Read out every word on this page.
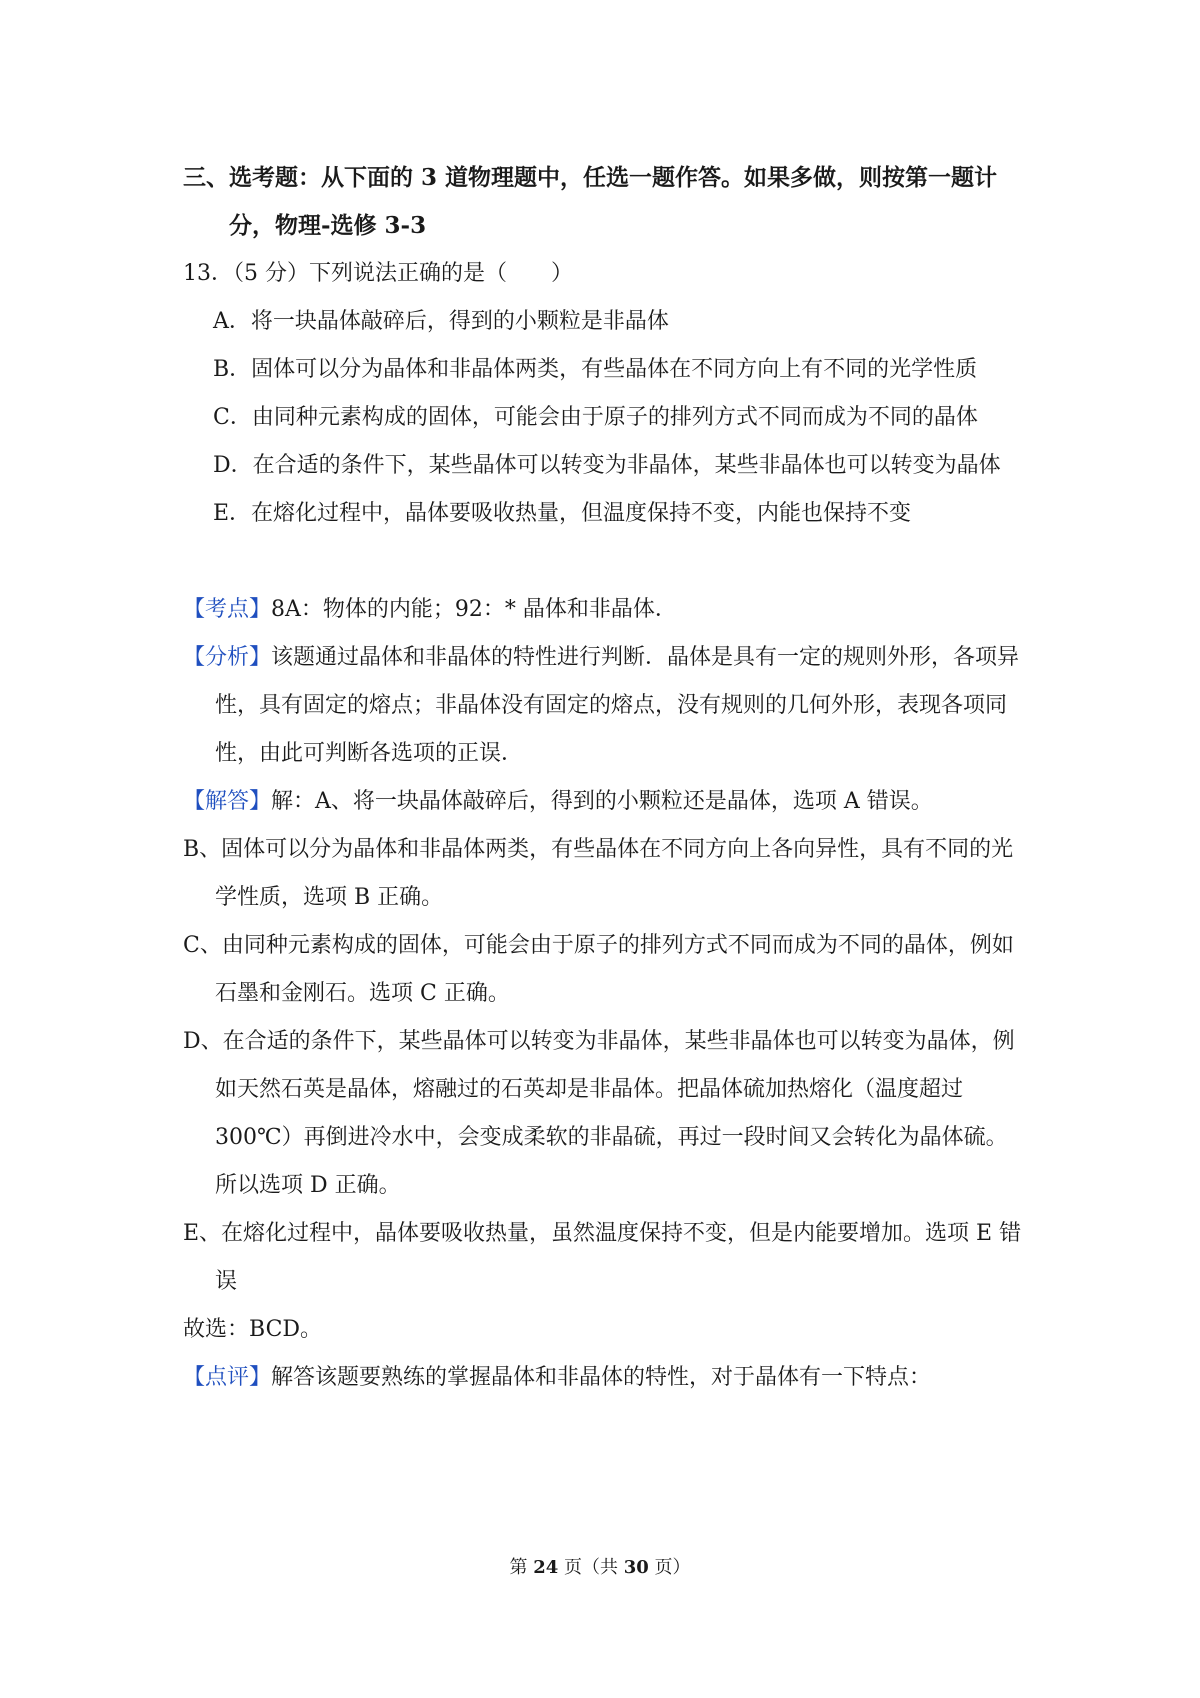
三、选考题：从下面的 3 道物理题中，任选一题作答。如果多做，则按第一题计分，物理-选修 3-3

13．（5 分）下列说法正确的是（　　）

A．将一块晶体敲碎后，得到的小颗粒是非晶体

B．固体可以分为晶体和非晶体两类，有些晶体在不同方向上有不同的光学性质

C．由同种元素构成的固体，可能会由于原子的排列方式不同而成为不同的晶体

D．在合适的条件下，某些晶体可以转变为非晶体，某些非晶体也可以转变为晶体

E．在熔化过程中，晶体要吸收热量，但温度保持不变，内能也保持不变

【考点】8A：物体的内能；92：* 晶体和非晶体．

【分析】该题通过晶体和非晶体的特性进行判断．晶体是具有一定的规则外形，各项异性，具有固定的熔点；非晶体没有固定的熔点，没有规则的几何外形，表现各项同性，由此可判断各选项的正误．

【解答】解：A、将一块晶体敲碎后，得到的小颗粒还是晶体，选项 A 错误。

B、固体可以分为晶体和非晶体两类，有些晶体在不同方向上各向异性，具有不同的光学性质，选项 B 正确。

C、由同种元素构成的固体，可能会由于原子的排列方式不同而成为不同的晶体，例如石墨和金刚石。选项 C 正确。

D、在合适的条件下，某些晶体可以转变为非晶体，某些非晶体也可以转变为晶体，例如天然石英是晶体，熔融过的石英却是非晶体。把晶体硫加热熔化（温度超过 300℃）再倒进冷水中，会变成柔软的非晶硫，再过一段时间又会转化为晶体硫。所以选项 D 正确。

E、在熔化过程中，晶体要吸收热量，虽然温度保持不变，但是内能要增加。选项 E 错误

故选：BCD。

【点评】解答该题要熟练的掌握晶体和非晶体的特性，对于晶体有一下特点：

第 24 页（共 30 页）
